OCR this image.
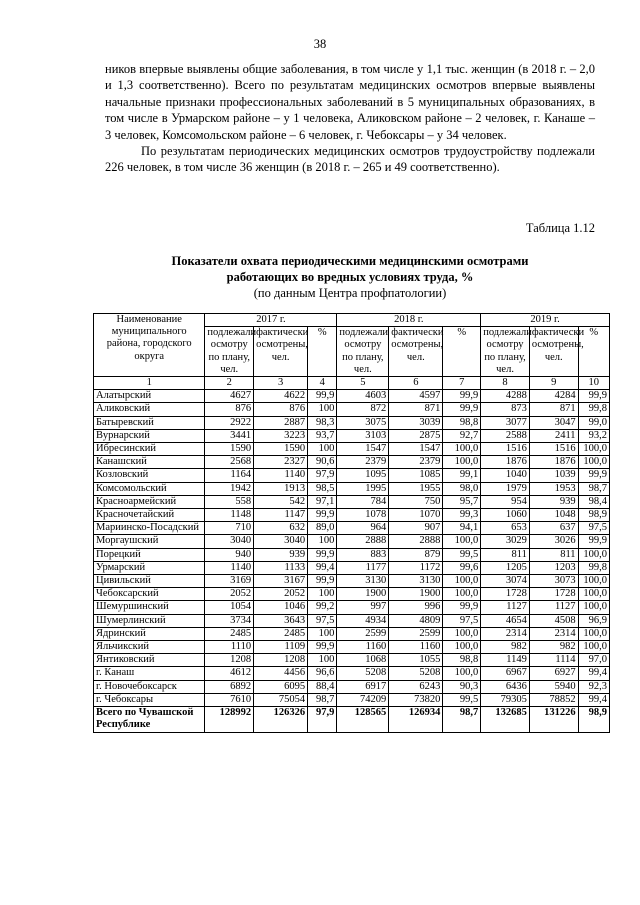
38

ников впервые выявлены общие заболевания, в том числе у 1,1 тыс. женщин (в 2018 г. – 2,0 и 1,3 соответственно). Всего по результатам медицинских осмотров впервые выявлены начальные признаки профессиональных заболеваний в 5 муниципальных образованиях, в том числе в Урмарском районе – у 1 человека, Аликовском районе – 2 человек, г. Канаше – 3 человек, Комсомольском районе – 6 человек, г. Чебоксары – у 34 человек.

По результатам периодических медицинских осмотров трудоустройству подлежали 226 человек, в том числе 36 женщин (в 2018 г. – 265 и 49 соответственно).

Таблица 1.12
Показатели охвата периодическими медицинскими осмотрами
работающих во вредных условиях труда, %
(по данным Центра профпатологии)
Наименование муниципального района, городского округа	2017 г.			2018 г.			2019 г.		
	подлежали осмотру по плану, чел.	фактически осмотрены, чел.	%	подлежали осмотру по плану, чел.	фактически осмотрены, чел.	%	подлежали осмотру по плану, чел.	фактически осмотрены, чел.	%
1	2	3	4	5	6	7	8	9	10
Алатырский	4627	4622	99,9	4603	4597	99,9	4288	4284	99,9
Аликовский	876	876	100	872	871	99,9	873	871	99,8
Батыревский	2922	2887	98,3	3075	3039	98,8	3077	3047	99,0
Вурнарский	3441	3223	93,7	3103	2875	92,7	2588	2411	93,2
Ибресинский	1590	1590	100	1547	1547	100,0	1516	1516	100,0
Канашский	2568	2327	90,6	2379	2379	100,0	1876	1876	100,0
Козловский	1164	1140	97,9	1095	1085	99,1	1040	1039	99,9
Комсомольский	1942	1913	98,5	1995	1955	98,0	1979	1953	98,7
Красноармейский	558	542	97,1	784	750	95,7	954	939	98,4
Красночетайский	1148	1147	99,9	1078	1070	99,3	1060	1048	98,9
Мариинско-Посадский	710	632	89,0	964	907	94,1	653	637	97,5
Моргаушский	3040	3040	100	2888	2888	100,0	3029	3026	99,9
Порецкий	940	939	99,9	883	879	99,5	811	811	100,0
Урмарский	1140	1133	99,4	1177	1172	99,6	1205	1203	99,8
Цивильский	3169	3167	99,9	3130	3130	100,0	3074	3073	100,0
Чебоксарский	2052	2052	100	1900	1900	100,0	1728	1728	100,0
Шемуршинский	1054	1046	99,2	997	996	99,9	1127	1127	100,0
Шумерлинский	3734	3643	97,5	4934	4809	97,5	4654	4508	96,9
Ядринский	2485	2485	100	2599	2599	100,0	2314	2314	100,0
Яльчикский	1110	1109	99,9	1160	1160	100,0	982	982	100,0
Янтиковский	1208	1208	100	1068	1055	98,8	1149	1114	97,0
г. Канаш	4612	4456	96,6	5208	5208	100,0	6967	6927	99,4
г. Новочебоксарск	6892	6095	88,4	6917	6243	90,3	6436	5940	92,3
г. Чебоксары	7610	75054	98,7	74209	73820	99,5	79305	78852	99,4
Всего по Чувашской Республике	128992	126326	97,9	128565	126934	98,7	132685	131226	98,9
